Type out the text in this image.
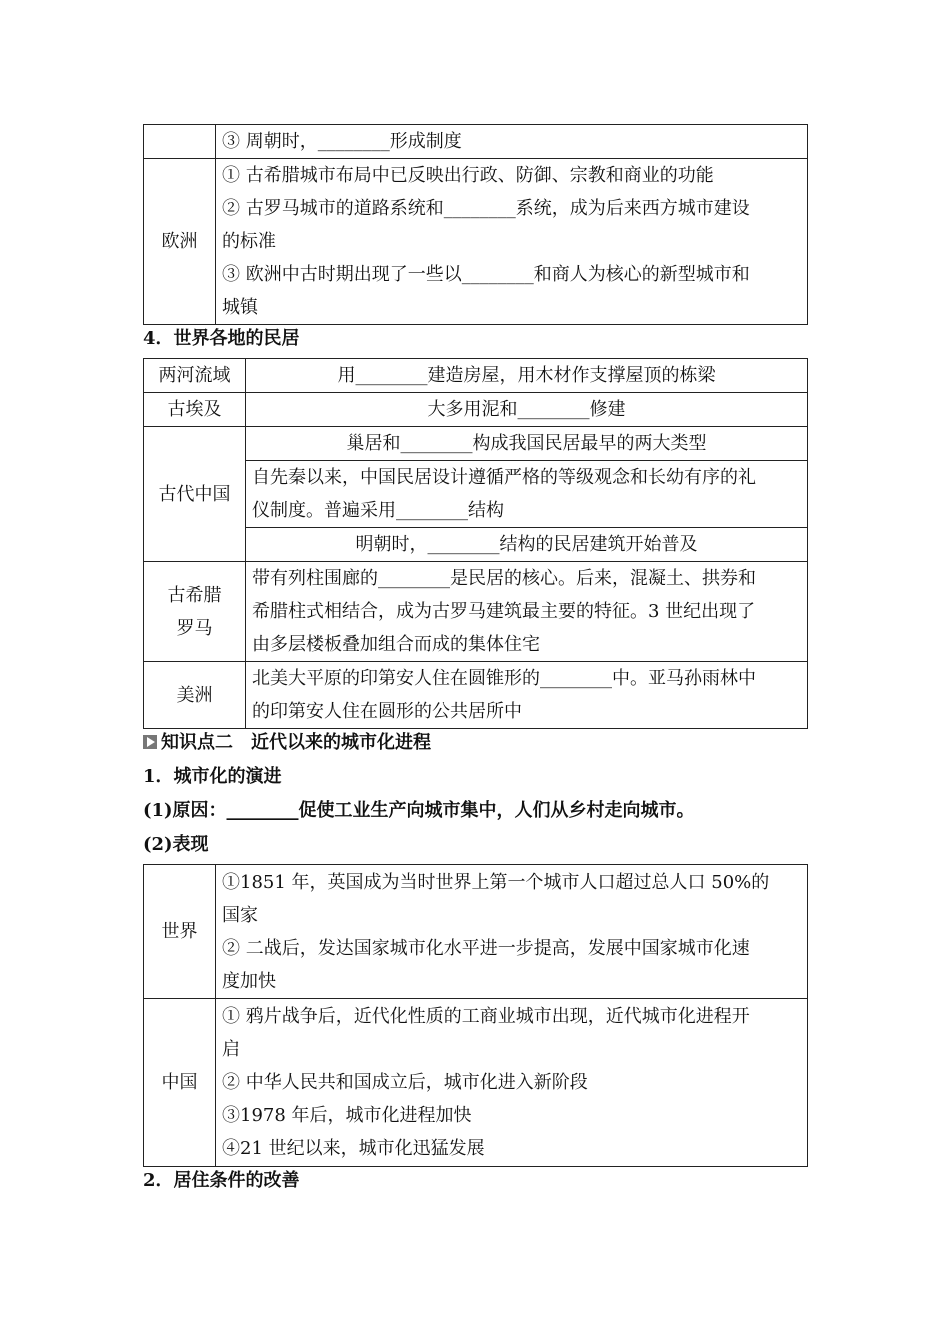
	③ 周朝时，________形成制度

欧洲	① 古希腊城市布局中已反映出行政、防御、宗教和商业的功能
② 古罗马城市的道路系统和________系统，成为后来西方城市建设
的标准
③ 欧洲中古时期出现了一些以________和商人为核心的新型城市和
城镇
4．世界各地的民居
两河流域	用________建造房屋，用木材作支撑屋顶的栋梁
古埃及	大多用泥和________修建
古代中国	巢居和________构成我国民居最早的两大类型

	自先秦以来，中国民居设计遵循严格的等级观念和长幼有序的礼
仪制度。普遍采用________结构

	明朝时，________结构的民居建筑开始普及

古希腊
罗马	带有列柱围廊的________是民居的核心。后来，混凝土、拱券和
希腊柱式相结合，成为古罗马建筑最主要的特征。3 世纪出现了
由多层楼板叠加组合而成的集体住宅

美洲	北美大平原的印第安人住在圆锥形的________中。亚马孙雨林中
的印第安人住在圆形的公共居所中
知识点二　近代以来的城市化进程
1．城市化的演进
(1)原因：________促使工业生产向城市集中，人们从乡村走向城市。
(2)表现
世界	①1851 年，英国成为当时世界上第一个城市人口超过总人口 50%的
国家
② 二战后，发达国家城市化水平进一步提高，发展中国家城市化速
度加快

中国	① 鸦片战争后，近代化性质的工商业城市出现，近代城市化进程开
启
② 中华人民共和国成立后，城市化进入新阶段
③1978 年后，城市化进程加快
④21 世纪以来，城市化迅猛发展
2．居住条件的改善
